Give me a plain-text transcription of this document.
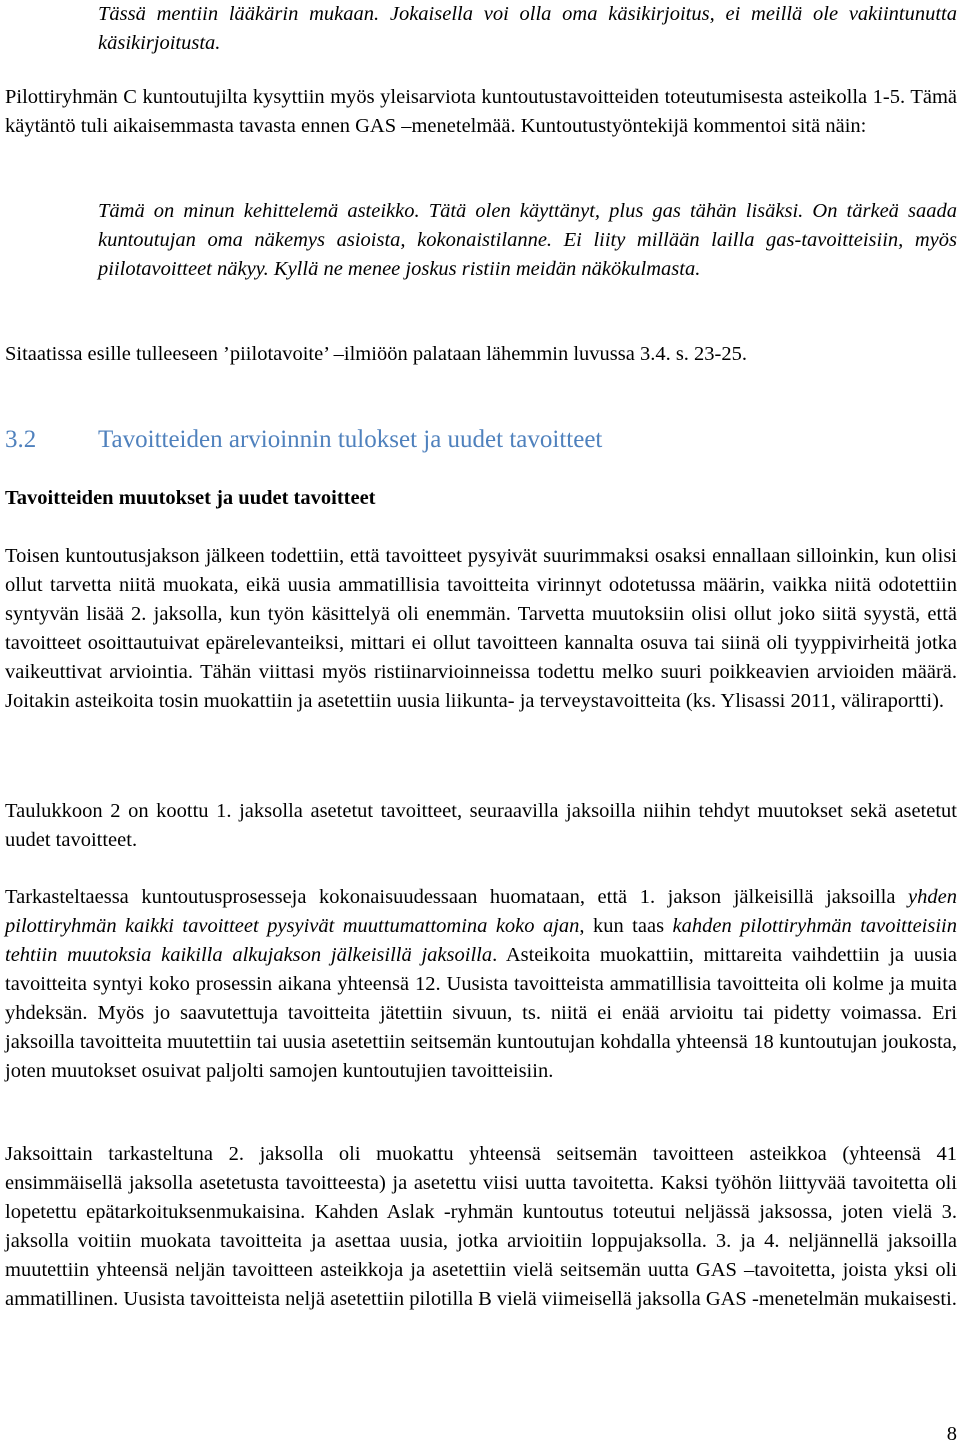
Tässä mentiin lääkärin mukaan. Jokaisella voi olla oma käsikirjoitus, ei meillä ole vakiintunutta käsikirjoitusta.

Pilottiryhmän C kuntoutujilta kysyttiin myös yleisarviota kuntoutustavoitteiden toteutumisesta asteikolla 1-5. Tämä käytäntö tuli aikaisemmasta tavasta ennen GAS –menetelmää. Kuntoutustyöntekijä kommentoi sitä näin:

Tämä on minun kehittelemä asteikko. Tätä olen käyttänyt, plus gas tähän lisäksi. On tärkeä saada kuntoutujan oma näkemys asioista, kokonaistilanne. Ei liity millään lailla gas-tavoitteisiin, myös piilotavoitteet näkyy. Kyllä ne menee joskus ristiin meidän näkökulmasta.

Sitaatissa esille tulleeseen ’piilotavoite’ –ilmiöön palataan lähemmin luvussa 3.4. s. 23-25.

3.2 Tavoitteiden arvioinnin tulokset ja uudet tavoitteet
Tavoitteiden muutokset ja uudet tavoitteet

Toisen kuntoutusjakson jälkeen todettiin, että tavoitteet pysyivät suurimmaksi osaksi ennallaan silloinkin, kun olisi ollut tarvetta niitä muokata, eikä uusia ammatillisia tavoitteita virinnyt odotetussa määrin, vaikka niitä odotettiin syntyvän lisää 2. jaksolla, kun työn käsittelyä oli enemmän. Tarvetta muutoksiin olisi ollut joko siitä syystä, että tavoitteet osoittautuivat epärelevanteiksi, mittari ei ollut tavoitteen kannalta osuva tai siinä oli tyyppivirheitä jotka vaikeuttivat arviointia. Tähän viittasi myös ristiinarvioinneissa todettu melko suuri poikkeavien arvioiden määrä. Joitakin asteikoita tosin muokattiin ja asetettiin uusia liikunta- ja terveystavoitteita (ks. Ylisassi 2011, väliraportti).

Taulukkoon 2 on koottu 1. jaksolla asetetut tavoitteet, seuraavilla jaksoilla niihin tehdyt muutokset sekä asetetut uudet tavoitteet.

Tarkasteltaessa kuntoutusprosesseja kokonaisuudessaan huomataan, että 1. jakson jälkeisillä jaksoilla yhden pilottiryhmän kaikki tavoitteet pysyivät muuttumattomina koko ajan, kun taas kahden pilottiryhmän tavoitteisiin tehtiin muutoksia kaikilla alkujakson jälkeisillä jaksoilla. Asteikoita muokattiin, mittareita vaihdettiin ja uusia tavoitteita syntyi koko prosessin aikana yhteensä 12. Uusista tavoitteista ammatillisia tavoitteita oli kolme ja muita yhdeksän. Myös jo saavutettuja tavoitteita jätettiin sivuun, ts. niitä ei enää arvioitu tai pidetty voimassa. Eri jaksoilla tavoitteita muutettiin tai uusia asetettiin seitsemän kuntoutujan kohdalla yhteensä 18 kuntoutujan joukosta, joten muutokset osuivat paljolti samojen kuntoutujien tavoitteisiin.

Jaksoittain tarkasteltuna 2. jaksolla oli muokattu yhteensä seitsemän tavoitteen asteikkoa (yhteensä 41 ensimmäisellä jaksolla asetetusta tavoitteesta) ja asetettu viisi uutta tavoitetta. Kaksi työhön liittyvää tavoitetta oli lopetettu epätarkoituksenmukaisina. Kahden Aslak -ryhmän kuntoutus toteutui neljässä jaksossa, joten vielä 3. jaksolla voitiin muokata tavoitteita ja asettaa uusia, jotka arvioitiin loppujaksolla. 3. ja 4. neljännellä jaksoilla muutettiin yhteensä neljän tavoitteen asteikkoja ja asetettiin vielä seitsemän uutta GAS –tavoitetta, joista yksi oli ammatillinen. Uusista tavoitteista neljä asetettiin pilotilla B vielä viimeisellä jaksolla GAS -menetelmän mukaisesti.

8
